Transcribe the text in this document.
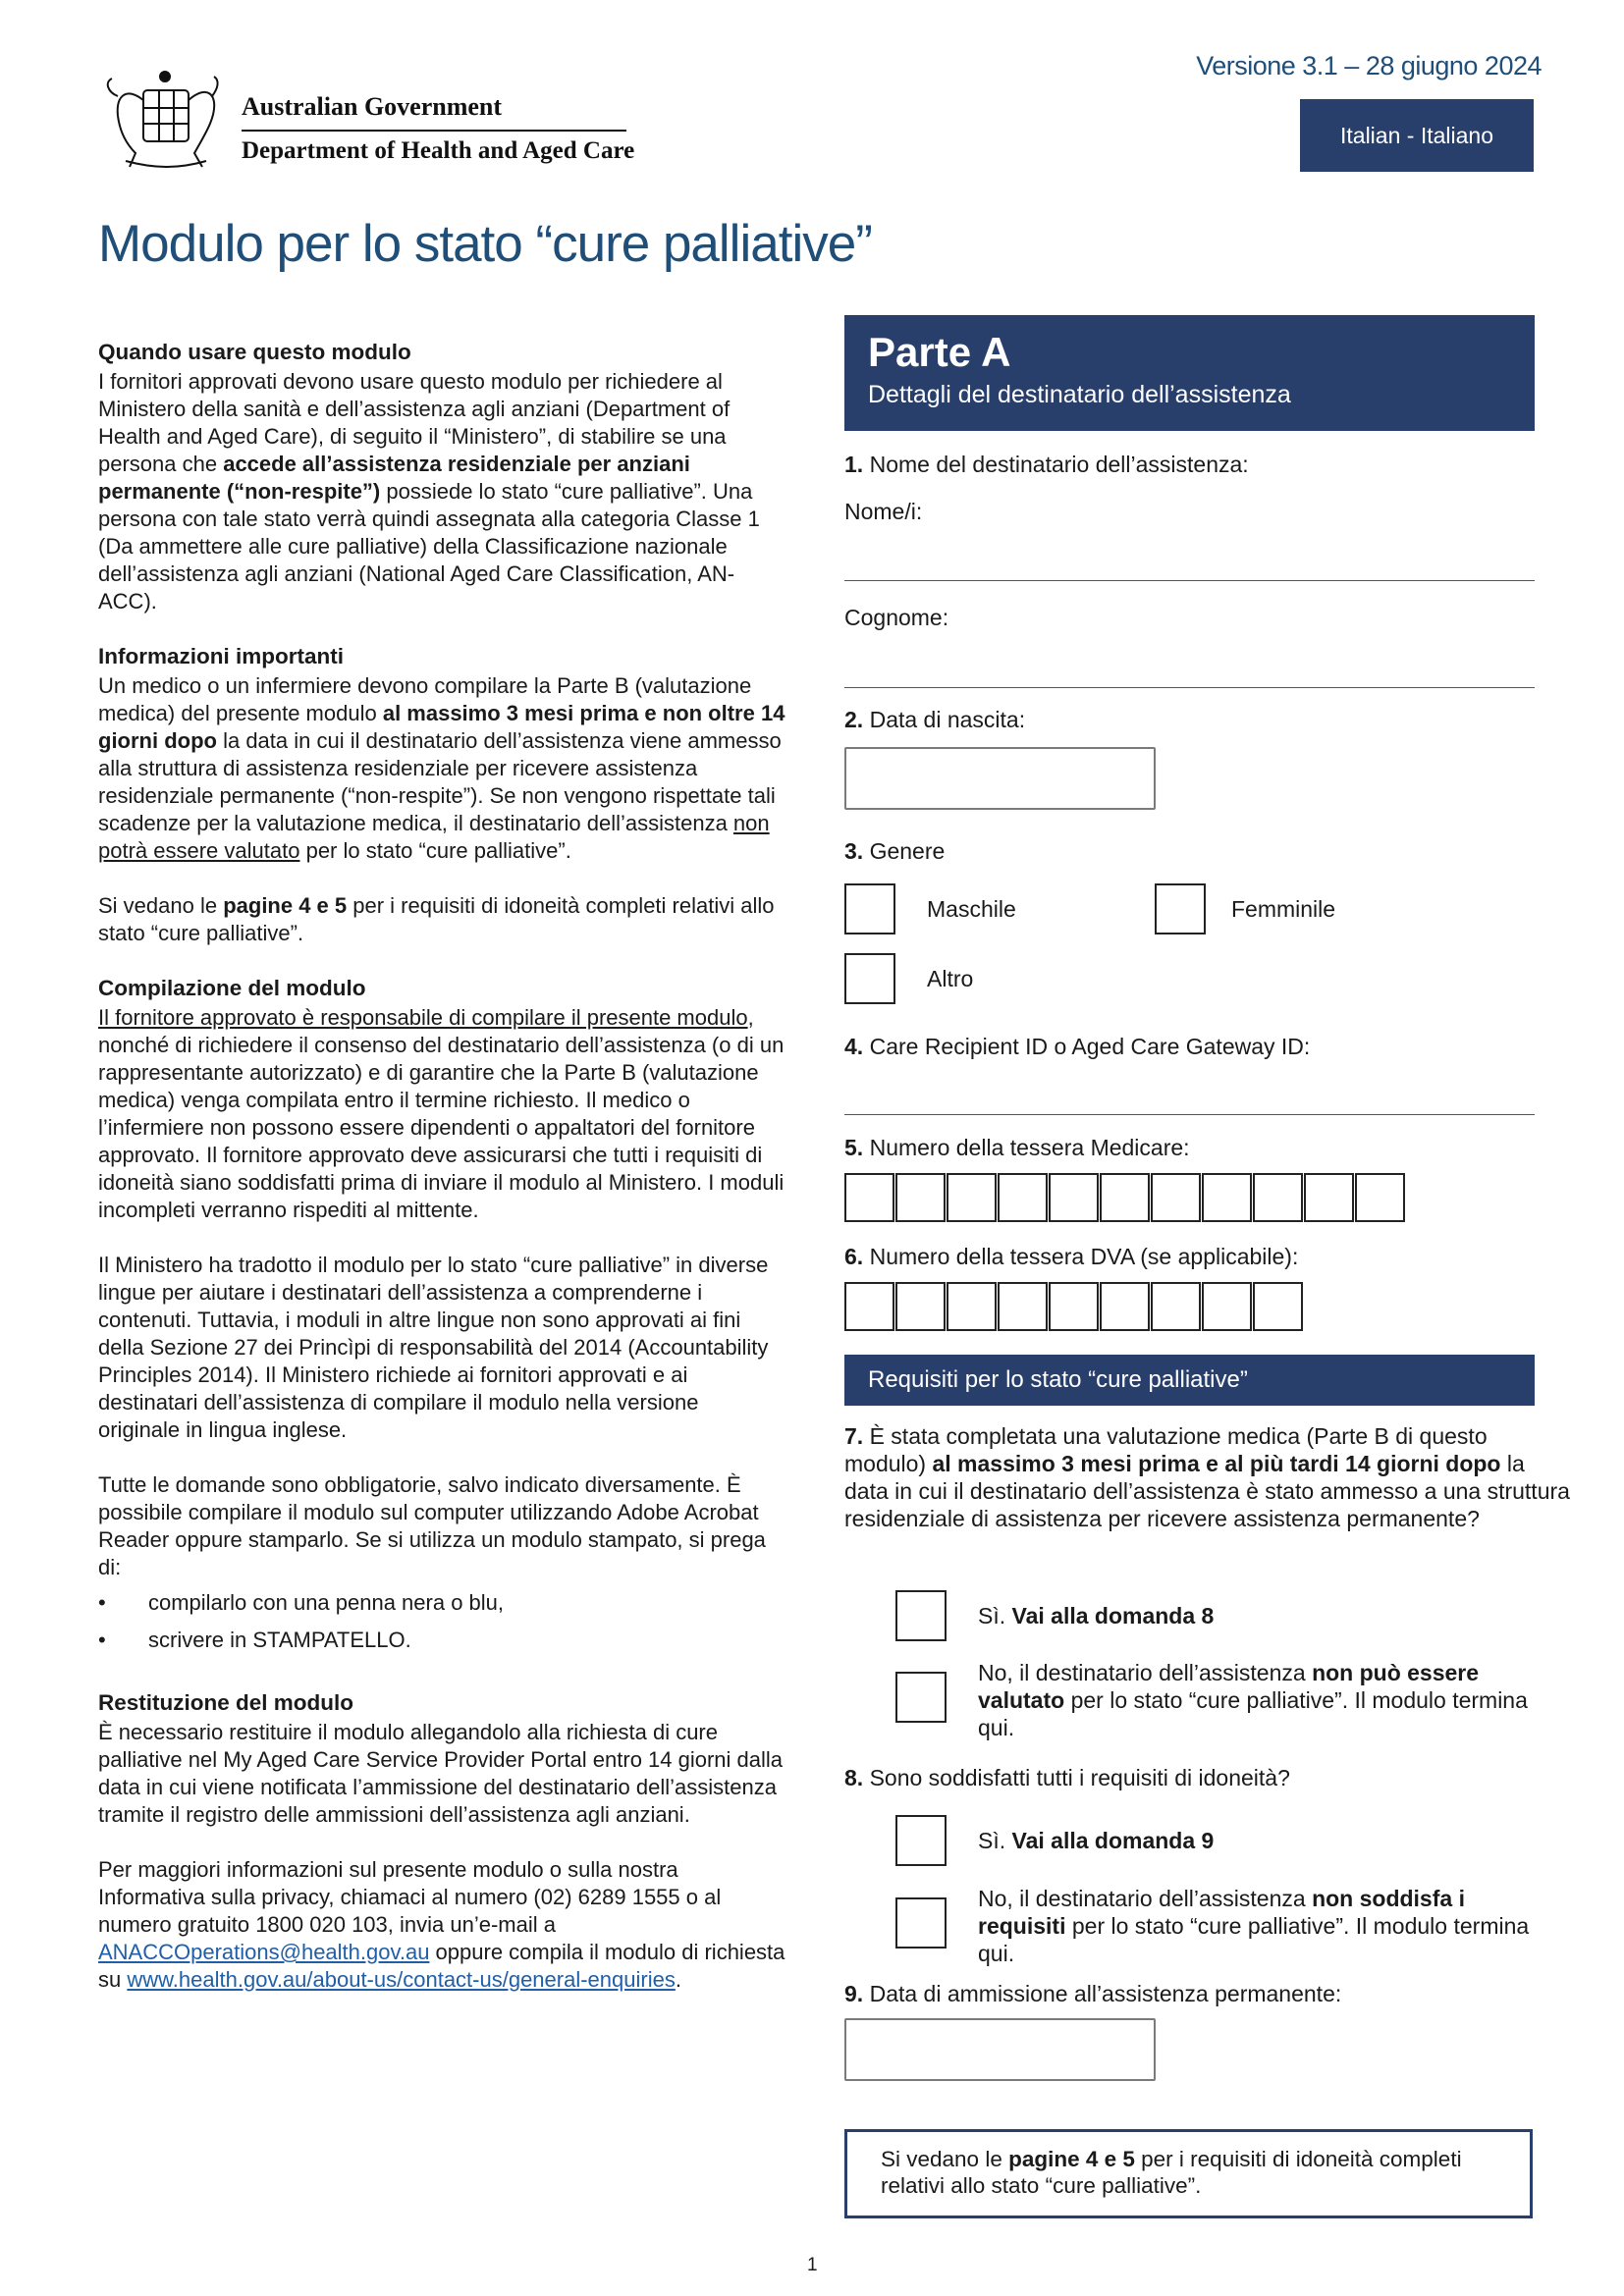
Versione 3.1 – 28 giugno 2024
Italian - Italiano
Australian Government
Department of Health and Aged Care
Modulo per lo stato “cure palliative”
Quando usare questo modulo

I fornitori approvati devono usare questo modulo per richiedere al Ministero della sanità e dell’assistenza agli anziani (Department of Health and Aged Care), di seguito il “Ministero”, di stabilire se una persona che accede all’assistenza residenziale per anziani permanente (“non-respite”) possiede lo stato “cure palliative”. Una persona con tale stato verrà quindi assegnata alla categoria Classe 1 (Da ammettere alle cure palliative) della Classificazione nazionale dell’assistenza agli anziani (National Aged Care Classification, AN-ACC).

Informazioni importanti

Un medico o un infermiere devono compilare la Parte B (valutazione medica) del presente modulo al massimo 3 mesi prima e non oltre 14 giorni dopo la data in cui il destinatario dell’assistenza viene ammesso alla struttura di assistenza residenziale per ricevere assistenza residenziale permanente (“non-respite”). Se non vengono rispettate tali scadenze per la valutazione medica, il destinatario dell’assistenza non potrà essere valutato per lo stato “cure palliative”.

Si vedano le pagine 4 e 5 per i requisiti di idoneità completi relativi allo stato “cure palliative”.

Compilazione del modulo

Il fornitore approvato è responsabile di compilare il presente modulo, nonché di richiedere il consenso del destinatario dell’assistenza (o di un rappresentante autorizzato) e di garantire che la Parte B (valutazione medica) venga compilata entro il termine richiesto. Il medico o l’infermiere non possono essere dipendenti o appaltatori del fornitore approvato. Il fornitore approvato deve assicurarsi che tutti i requisiti di idoneità siano soddisfatti prima di inviare il modulo al Ministero. I moduli incompleti verranno rispediti al mittente.

Il Ministero ha tradotto il modulo per lo stato “cure palliative” in diverse lingue per aiutare i destinatari dell’assistenza a comprenderne i contenuti. Tuttavia, i moduli in altre lingue non sono approvati ai fini della Sezione 27 dei Princìpi di responsabilità del 2014 (Accountability Principles 2014). Il Ministero richiede ai fornitori approvati e ai destinatari dell’assistenza di compilare il modulo nella versione originale in lingua inglese.

Tutte le domande sono obbligatorie, salvo indicato diversamente. È possibile compilare il modulo sul computer utilizzando Adobe Acrobat Reader oppure stamparlo. Se si utilizza un modulo stampato, si prega di:

• compilarlo con una penna nera o blu,
• scrivere in STAMPATELLO.
Restituzione del modulo

È necessario restituire il modulo allegandolo alla richiesta di cure palliative nel My Aged Care Service Provider Portal entro 14 giorni dalla data in cui viene notificata l’ammissione del destinatario dell’assistenza tramite il registro delle ammissioni dell’assistenza agli anziani.

Per maggiori informazioni sul presente modulo o sulla nostra Informativa sulla privacy, chiamaci al numero (02) 6289 1555 o al numero gratuito 1800 020 103, invia un’e-mail a ANACCOperations@health.gov.au oppure compila il modulo di richiesta su www.health.gov.au/about-us/contact-us/general-enquiries.

Parte A
Dettagli del destinatario dell’assistenza
1. Nome del destinatario dell’assistenza:
Nome/i:
Cognome:
2. Data di nascita:
3. Genere
Maschile	Femminile
Altro
4. Care Recipient ID o Aged Care Gateway ID:
5. Numero della tessera Medicare:
6. Numero della tessera DVA (se applicabile):
Requisiti per lo stato “cure palliative”
7. È stata completata una valutazione medica (Parte B di questo modulo) al massimo 3 mesi prima e al più tardi 14 giorni dopo la data in cui il destinatario dell’assistenza è stato ammesso a una struttura residenziale di assistenza per ricevere assistenza permanente?
Sì. Vai alla domanda 8
No, il destinatario dell’assistenza non può essere valutato per lo stato “cure palliative”. Il modulo termina qui.
8. Sono soddisfatti tutti i requisiti di idoneità?
Sì. Vai alla domanda 9
No, il destinatario dell’assistenza non soddisfa i requisiti per lo stato “cure palliative”. Il modulo termina qui.
9. Data di ammissione all’assistenza permanente:
Si vedano le pagine 4 e 5 per i requisiti di idoneità completi relativi allo stato “cure palliative”.
1
